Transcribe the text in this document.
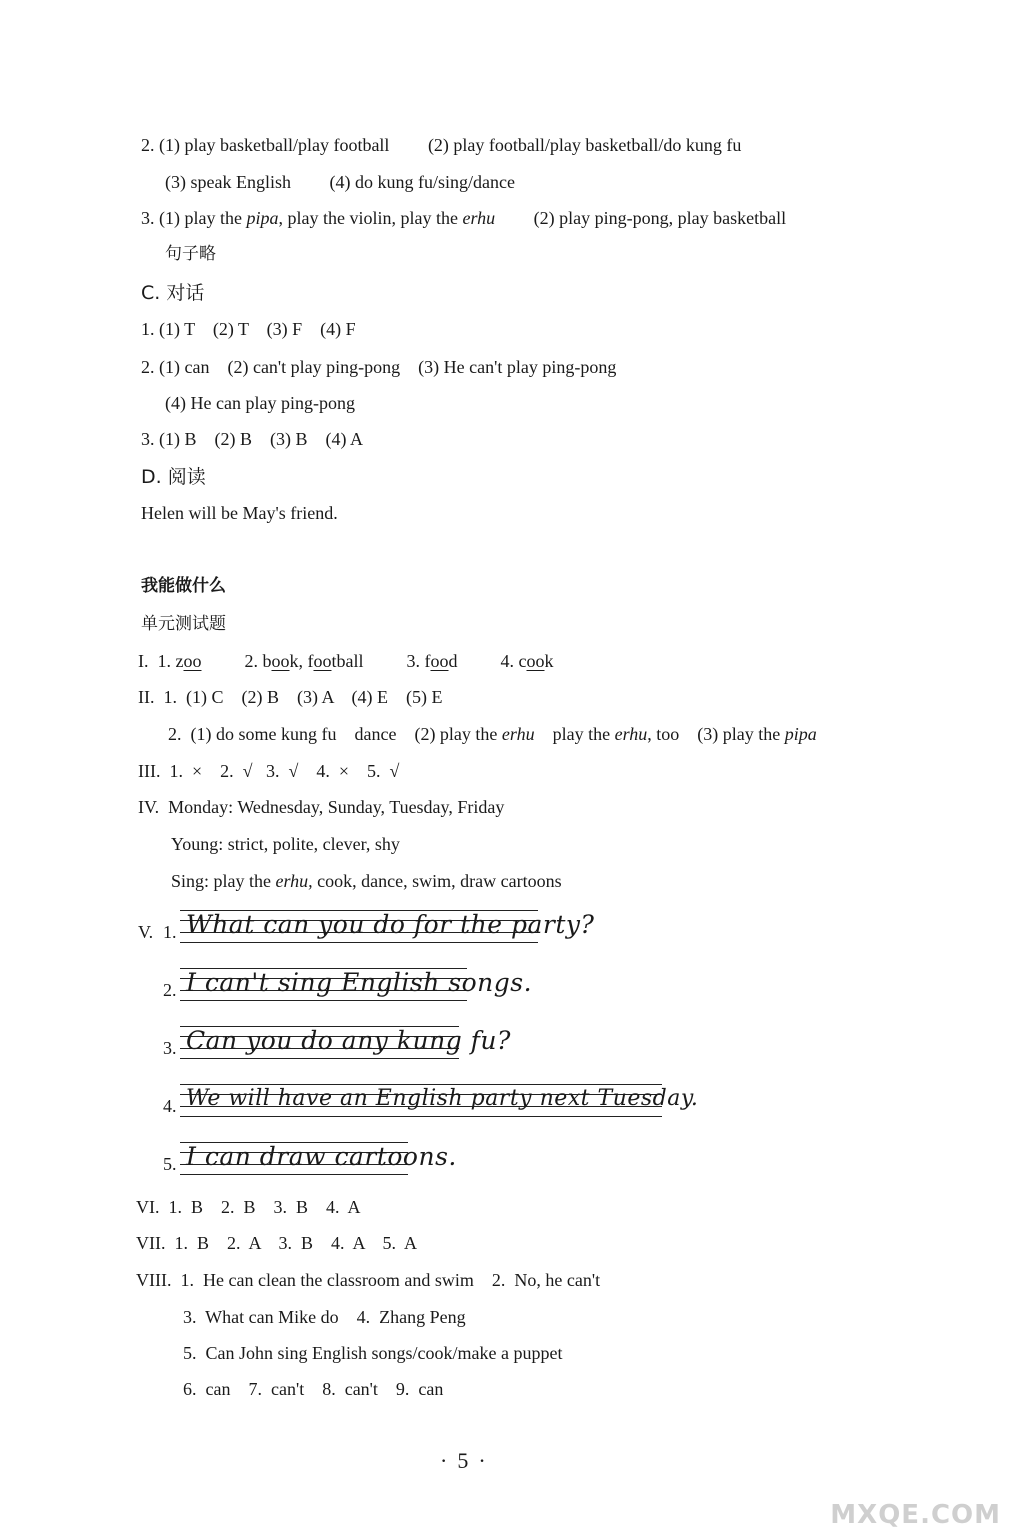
2. (1) play basketball/play football (2) play football/play basketball/do kung fu
(3) speak English (4) do kung fu/sing/dance
3. (1) play the pipa, play the violin, play the erhu (2) play ping-pong, play basketball
句子略
C. 对话
1. (1) T    (2) T    (3) F    (4) F
2. (1) can    (2) can't play ping-pong    (3) He can't play ping-pong
(4) He can play ping-pong
3. (1) B    (2) B    (3) B    (4) A
D. 阅读
Helen will be May's friend.
我能做什么
单元测试题
I. 1. zoo 2. book, football 3. food 4. cook
II.  1.  (1) C    (2) B    (3) A    (4) E    (5) E
2.  (1) do some kung fu    dance    (2) play the erhu    play the erhu, too    (3) play the pipa
III.  1.  ×    2.  √   3.  √    4.  ×    5.  √
IV.  Monday: Wednesday, Sunday, Tuesday, Friday
Young: strict, polite, clever, shy
Sing: play the erhu, cook, dance, swim, draw cartoons
V. 1. What can you do for the party?
2. I can't sing English songs.
3. Can you do any kung fu?
4. We will have an English party next Tuesday.
5. I can draw cartoons.
VI.  1.  B    2.  B    3.  B    4.  A
VII.  1.  B    2.  A    3.  B    4.  A    5.  A
VIII.  1.  He can clean the classroom and swim    2.  No, he can't
3.  What can Mike do    4.  Zhang Peng
5.  Can John sing English songs/cook/make a puppet
6.  can    7.  can't    8.  can't    9.  can
·5·
MXQE.COM
